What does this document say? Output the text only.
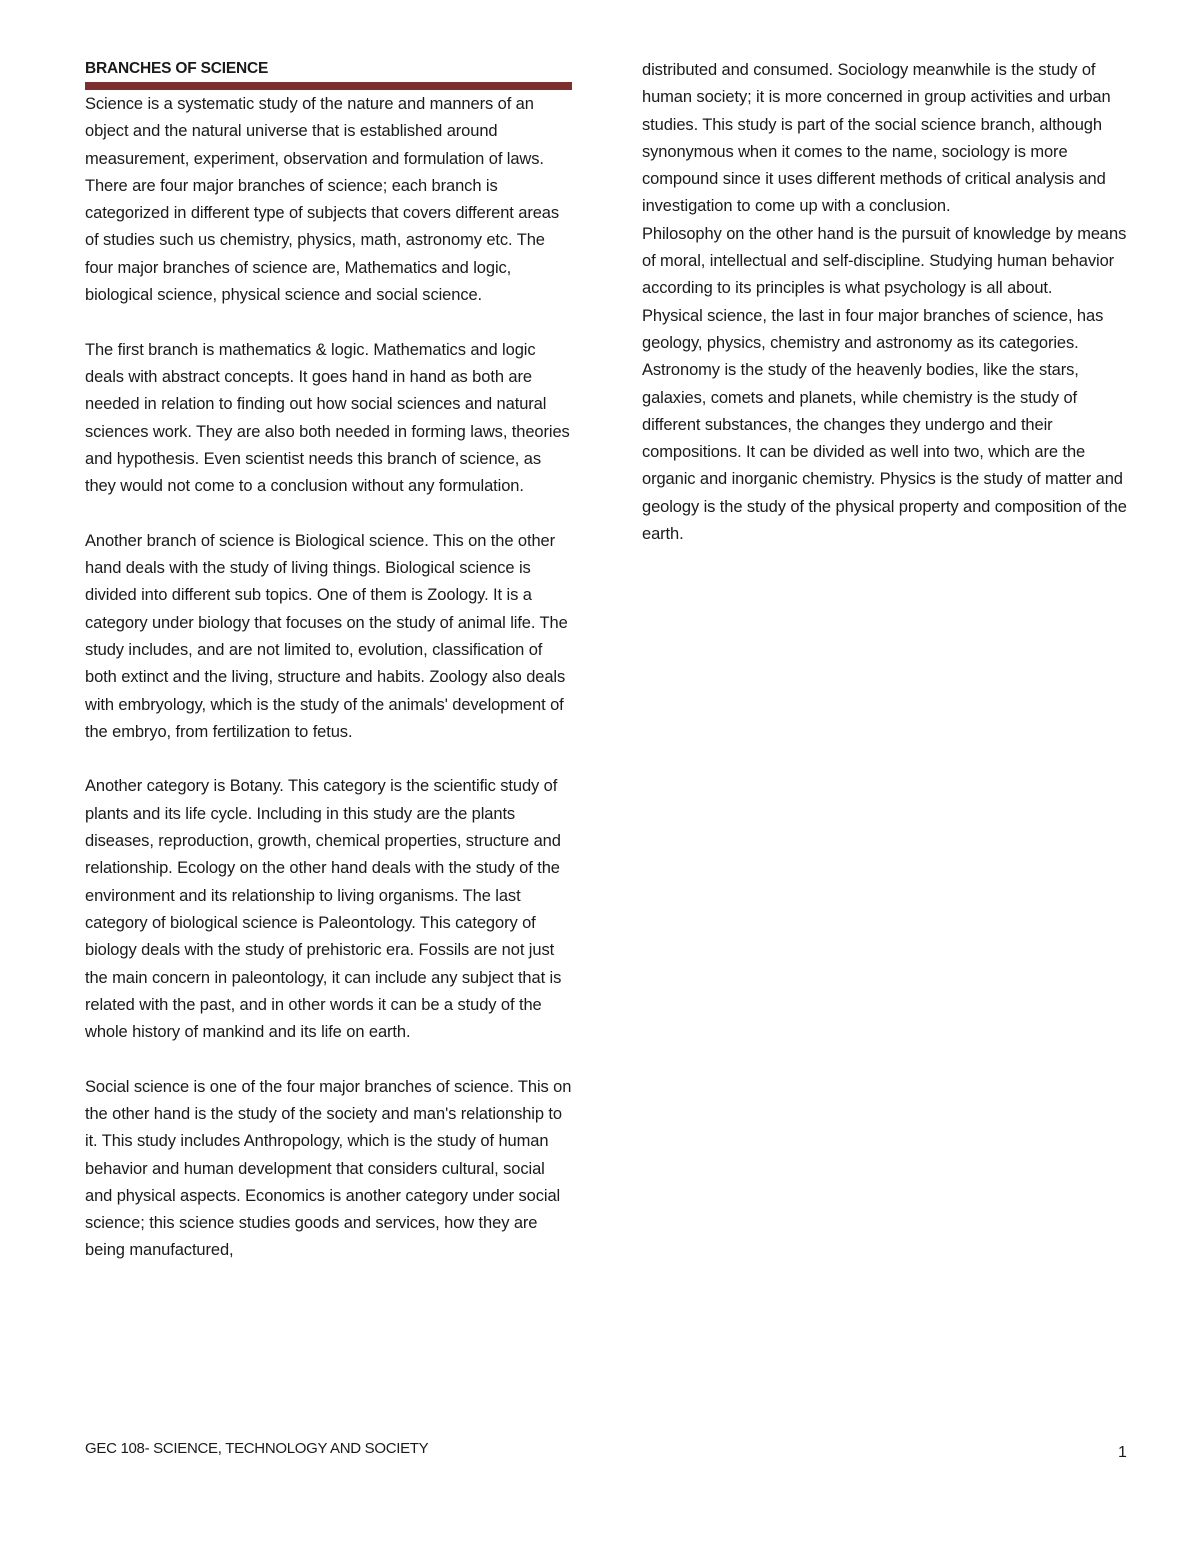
BRANCHES OF SCIENCE

Science is a systematic study of the nature and manners of an object and the natural universe that is established around measurement, experiment, observation and formulation of laws. There are four major branches of science; each branch is categorized in different type of subjects that covers different areas of studies such us chemistry, physics, math, astronomy etc. The four major branches of science are, Mathematics and logic, biological science, physical science and social science.

The first branch is mathematics & logic. Mathematics and logic deals with abstract concepts. It goes hand in hand as both are needed in relation to finding out how social sciences and natural sciences work. They are also both needed in forming laws, theories and hypothesis. Even scientist needs this branch of science, as they would not come to a conclusion without any formulation.

Another branch of science is Biological science. This on the other hand deals with the study of living things. Biological science is divided into different sub topics. One of them is Zoology. It is a category under biology that focuses on the study of animal life. The study includes, and are not limited to, evolution, classification of both extinct and the living, structure and habits. Zoology also deals with embryology, which is the study of the animals' development of the embryo, from fertilization to fetus.

Another category is Botany. This category is the scientific study of plants and its life cycle. Including in this study are the plants diseases, reproduction, growth, chemical properties, structure and relationship. Ecology on the other hand deals with the study of the environment and its relationship to living organisms. The last category of biological science is Paleontology. This category of biology deals with the study of prehistoric era. Fossils are not just the main concern in paleontology, it can include any subject that is related with the past, and in other words it can be a study of the whole history of mankind and its life on earth.

Social science is one of the four major branches of science. This on the other hand is the study of the society and man's relationship to it. This study includes Anthropology, which is the study of human behavior and human development that considers cultural, social and physical aspects. Economics is another category under social science; this science studies goods and services, how they are being manufactured,

distributed and consumed. Sociology meanwhile is the study of human society; it is more concerned in group activities and urban studies. This study is part of the social science branch, although synonymous when it comes to the name, sociology is more compound since it uses different methods of critical analysis and investigation to come up with a conclusion.

Philosophy on the other hand is the pursuit of knowledge by means of moral, intellectual and self-discipline. Studying human behavior according to its principles is what psychology is all about.

Physical science, the last in four major branches of science, has geology, physics, chemistry and astronomy as its categories. Astronomy is the study of the heavenly bodies, like the stars, galaxies, comets and planets, while chemistry is the study of different substances, the changes they undergo and their compositions. It can be divided as well into two, which are the organic and inorganic chemistry. Physics is the study of matter and geology is the study of the physical property and composition of the earth.

GEC 108- SCIENCE, TECHNOLOGY AND SOCIETY	1
